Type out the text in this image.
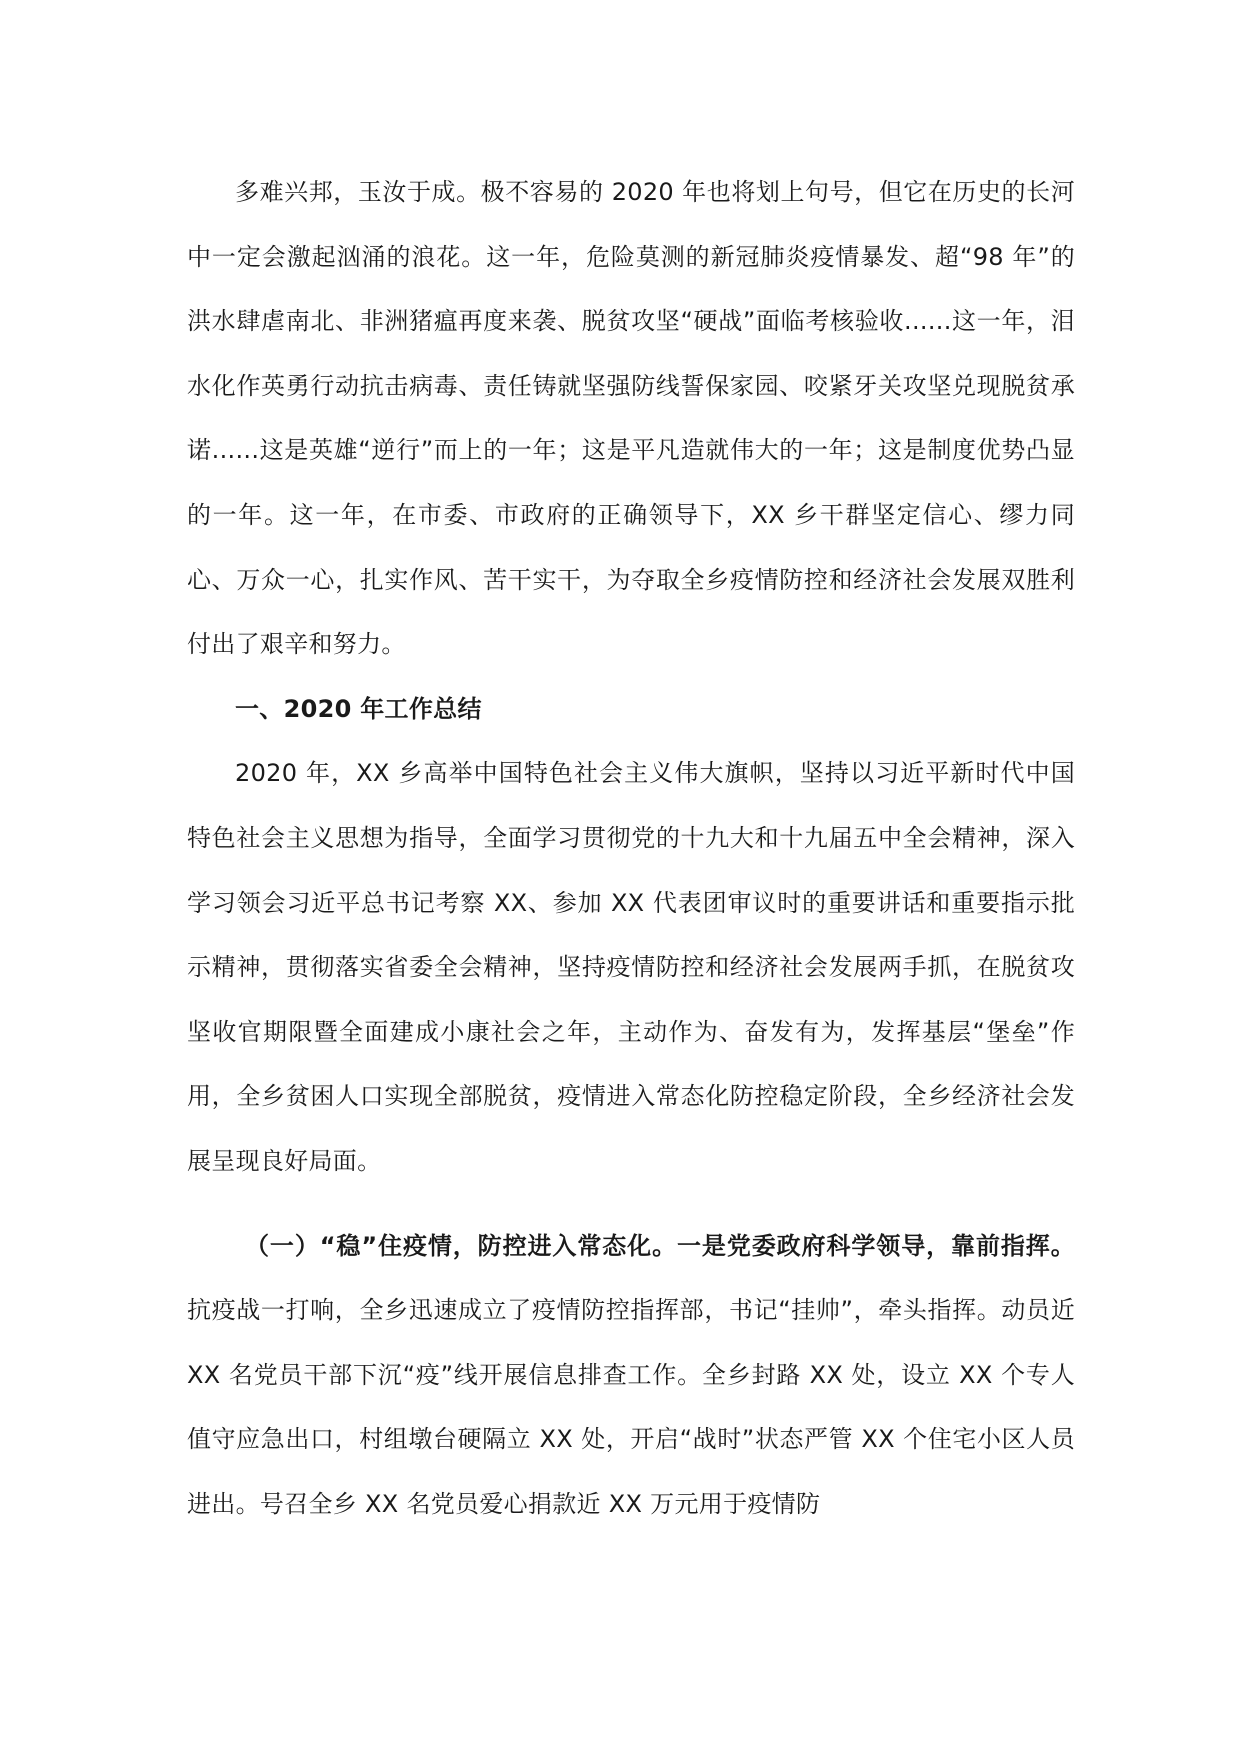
多难兴邦，玉汝于成。极不容易的 2020 年也将划上句号，但它在历史的长河中一定会激起汹涌的浪花。这一年，危险莫测的新冠肺炎疫情暴发、超“98 年”的洪水肆虐南北、非洲猪瘟再度来袭、脱贫攻坚“硬战”面临考核验收......这一年，泪水化作英勇行动抗击病毒、责任铸就坚强防线誓保家园、咬紧牙关攻坚兑现脱贫承诺......这是英雄“逆行”而上的一年；这是平凡造就伟大的一年；这是制度优势凸显的一年。这一年，在市委、市政府的正确领导下，XX 乡干群坚定信心、缪力同心、万众一心，扎实作风、苦干实干，为夺取全乡疫情防控和经济社会发展双胜利付出了艰辛和努力。

一、2020 年工作总结

2020 年，XX 乡高举中国特色社会主义伟大旗帜，坚持以习近平新时代中国特色社会主义思想为指导，全面学习贯彻党的十九大和十九届五中全会精神，深入学习领会习近平总书记考察 XX、参加 XX 代表团审议时的重要讲话和重要指示批示精神，贯彻落实省委全会精神，坚持疫情防控和经济社会发展两手抓，在脱贫攻坚收官期限暨全面建成小康社会之年，主动作为、奋发有为，发挥基层“堡垒”作用，全乡贫困人口实现全部脱贫，疫情进入常态化防控稳定阶段，全乡经济社会发展呈现良好局面。

（一）“稳”住疫情，防控进入常态化。一是党委政府科学领导，靠前指挥。抗疫战一打响，全乡迅速成立了疫情防控指挥部，书记“挂帅”，牵头指挥。动员近 XX 名党员干部下沉“疫”线开展信息排查工作。全乡封路 XX 处，设立 XX 个专人值守应急出口，村组墩台硬隔立 XX 处，开启“战时”状态严管 XX 个住宅小区人员进出。号召全乡 XX 名党员爱心捐款近 XX 万元用于疫情防
